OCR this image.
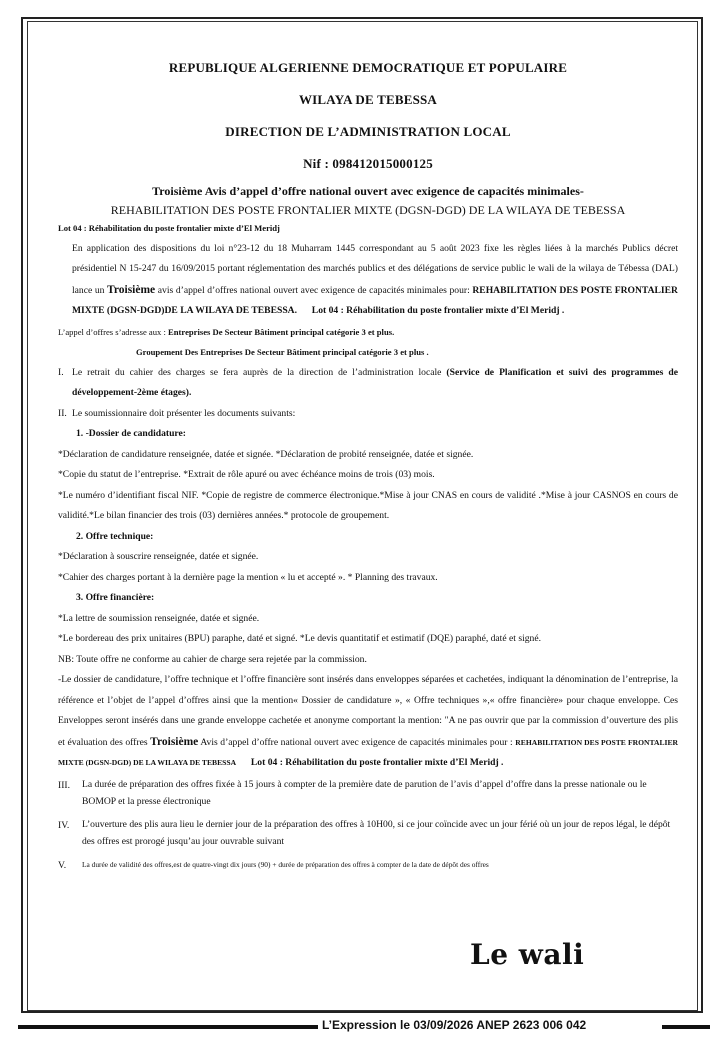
REPUBLIQUE ALGERIENNE DEMOCRATIQUE ET POPULAIRE
WILAYA DE TEBESSA
DIRECTION DE L’ADMINISTRATION LOCAL
Nif : 098412015000125
Troisième Avis d’appel d’offre national ouvert avec exigence de capacités minimales-
REHABILITATION DES POSTE FRONTALIER MIXTE (DGSN-DGD) DE LA WILAYA DE TEBESSA

Lot 04 : Réhabilitation du poste frontalier mixte d’El Meridj

En application des dispositions du loi n°23-12 du 18 Muharram 1445 correspondant au 5 août 2023 fixe les règles liées à la marchés Publics décret présidentiel N 15-247 du 16/09/2015 portant réglementation des marchés publics et des délégations de service public le wali de la wilaya de Tébessa (DAL) lance un Troisième avis d’appel d’offres national ouvert avec exigence de capacités minimales pour: REHABILITATION DES POSTE FRONTALIER MIXTE (DGSN-DGD)DE LA WILAYA DE TEBESSA. Lot 04 : Réhabilitation du poste frontalier mixte d’El Meridj .

L’appel d’offres s’adresse aux : Entreprises De Secteur Bâtiment principal catégorie 3 et plus.

Groupement Des Entreprises De Secteur Bâtiment principal catégorie 3 et plus .

I. Le retrait du cahier des charges se fera auprès de la direction de l’administration locale (Service de Planification et suivi des programmes de développement-2ème étages).

II. Le soumissionnaire doit présenter les documents suivants:

1. -Dossier de candidature:

*Déclaration de candidature renseignée, datée et signée. *Déclaration de probité renseignée, datée et signée.

*Copie du statut de l’entreprise. *Extrait de rôle apuré ou avec échéance moins de trois (03) mois.

*Le numéro d’identifiant fiscal NIF. *Copie de registre de commerce électronique.*Mise à jour CNAS en cours de validité .*Mise à jour CASNOS en cours de validité.*Le bilan financier des trois (03) dernières années.* protocole de groupement.

2. Offre technique:

*Déclaration à souscrire renseignée, datée et signée.

*Cahier des charges portant à la dernière page la mention « lu et accepté ». * Planning des travaux.

3. Offre financière:

*La lettre de soumission renseignée, datée et signée.

*Le bordereau des prix unitaires (BPU) paraphe, daté et signé. *Le devis quantitatif et estimatif (DQE) paraphé, daté et signé.

NB: Toute offre ne conforme au cahier de charge sera rejetée par la commission.

-Le dossier de candidature, l’offre technique et l’offre financière sont insérés dans enveloppes séparées et cachetées, indiquant la dénomination de l’entreprise, la référence et l’objet de l’appel d’offres ainsi que la mention« Dossier de candidature », « Offre techniques »,« offre financière» pour chaque enveloppe. Ces Enveloppes seront insérés dans une grande enveloppe cachetée et anonyme comportant la mention: "A ne pas ouvrir que par la commission d’ouverture des plis et évaluation des offres Troisième Avis d’appel d’offre national ouvert avec exigence de capacités minimales pour : REHABILITATION DES POSTE FRONTALIER MIXTE (DGSN-DGD) DE LA WILAYA DE TEBESSA Lot 04 : Réhabilitation du poste frontalier mixte d’El Meridj .

III.	La durée de préparation des offres fixée à 15 jours à compter de la première date de parution de l’avis d’appel d’offre dans la presse nationale ou le BOMOP et la presse électronique

IV.	L’ouverture des plis aura lieu le dernier jour de la préparation des offres à 10H00, si ce jour coïncide avec un jour férié où un jour de repos légal, le dépôt des offres est prorogé jusqu’au jour ouvrable suivant

V.	La durée de validité des offres,est de quatre-vingt dix jours (90) + durée de préparation des offres à compter de la date de dépôt des offres

Le wali
L’Expression le 03/09/2026 ANEP 2623 006 042
